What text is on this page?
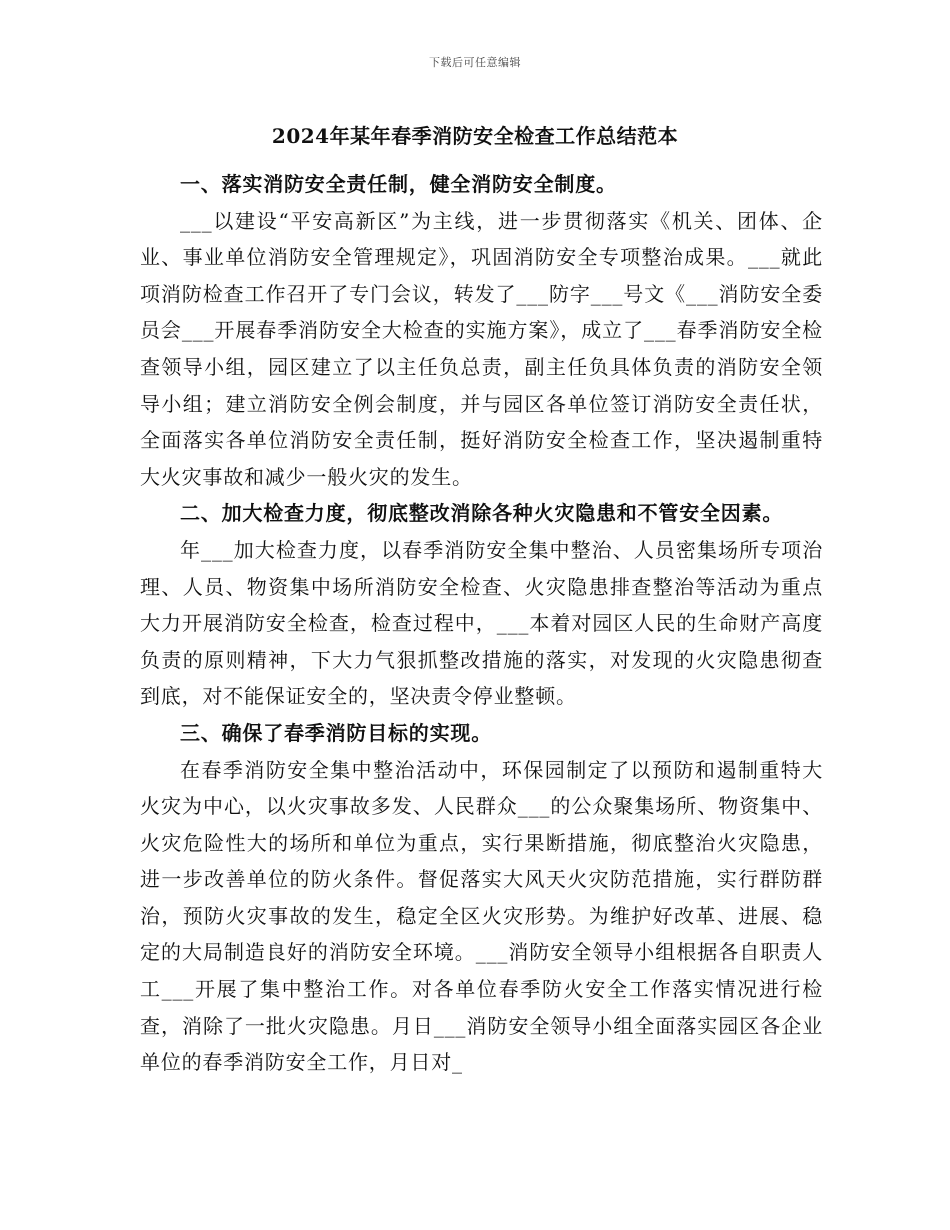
下载后可任意编辑
2024年某年春季消防安全检查工作总结范本

一、落实消防安全责任制，健全消防安全制度。

___以建设“平安高新区”为主线，进一步贯彻落实《机关、团体、企业、事业单位消防安全管理规定》，巩固消防安全专项整治成果。___就此项消防检查工作召开了专门会议，转发了___防字___号文《___消防安全委员会___开展春季消防安全大检查的实施方案》，成立了___春季消防安全检查领导小组，园区建立了以主任负总责，副主任负具体负责的消防安全领导小组；建立消防安全例会制度，并与园区各单位签订消防安全责任状，全面落实各单位消防安全责任制，挺好消防安全检查工作，坚决遏制重特大火灾事故和减少一般火灾的发生。

二、加大检查力度，彻底整改消除各种火灾隐患和不管安全因素。

年___加大检查力度，以春季消防安全集中整治、人员密集场所专项治理、人员、物资集中场所消防安全检查、火灾隐患排查整治等活动为重点大力开展消防安全检查，检查过程中，___本着对园区人民的生命财产高度负责的原则精神，下大力气狠抓整改措施的落实，对发现的火灾隐患彻查到底，对不能保证安全的，坚决责令停业整顿。

三、确保了春季消防目标的实现。

在春季消防安全集中整治活动中，环保园制定了以预防和遏制重特大火灾为中心，以火灾事故多发、人民群众___的公众聚集场所、物资集中、火灾危险性大的场所和单位为重点，实行果断措施，彻底整治火灾隐患，进一步改善单位的防火条件。督促落实大风天火灾防范措施，实行群防群治，预防火灾事故的发生，稳定全区火灾形势。为维护好改革、进展、稳定的大局制造良好的消防安全环境。___消防安全领导小组根据各自职责人工___开展了集中整治工作。对各单位春季防火安全工作落实情况进行检查，消除了一批火灾隐患。月日___消防安全领导小组全面落实园区各企业单位的春季消防安全工作，月日对_
